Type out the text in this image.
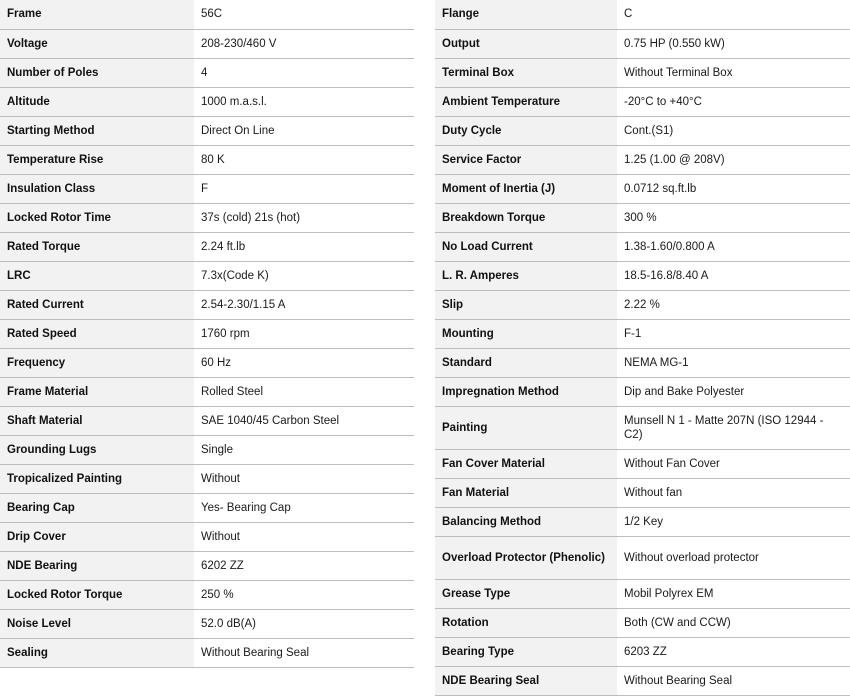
Frame	56C
Voltage	208-230/460 V
Number of Poles	4
Altitude	1000 m.a.s.l.
Starting Method	Direct On Line
Temperature Rise	80 K
Insulation Class	F
Locked Rotor Time	37s (cold) 21s (hot)
Rated Torque	2.24 ft.lb
LRC	7.3x(Code K)
Rated Current	2.54-2.30/1.15 A
Rated Speed	1760 rpm
Frequency	60 Hz
Frame Material	Rolled Steel
Shaft Material	SAE 1040/45 Carbon Steel
Grounding Lugs	Single
Tropicalized Painting	Without
Bearing Cap	Yes- Bearing Cap
Drip Cover	Without
NDE Bearing	6202 ZZ
Locked Rotor Torque	250 %
Noise Level	52.0 dB(A)
Sealing	Without Bearing Seal
Flange	C
Output	0.75 HP (0.550 kW)
Terminal Box	Without Terminal Box
Ambient Temperature	-20°C to +40°C
Duty Cycle	Cont.(S1)
Service Factor	1.25 (1.00 @ 208V)
Moment of Inertia (J)	0.0712 sq.ft.lb
Breakdown Torque	300 %
No Load Current	1.38-1.60/0.800 A
L. R. Amperes	18.5-16.8/8.40 A
Slip	2.22 %
Mounting	F-1
Standard	NEMA MG-1
Impregnation Method	Dip and Bake Polyester
Painting	Munsell N 1 - Matte 207N (ISO 12944 - C2)
Fan Cover Material	Without Fan Cover
Fan Material	Without fan
Balancing Method	1/2 Key
Overload Protector (Phenolic)	Without overload protector
Grease Type	Mobil Polyrex EM
Rotation	Both (CW and CCW)
Bearing Type	6203 ZZ
NDE Bearing Seal	Without Bearing Seal
